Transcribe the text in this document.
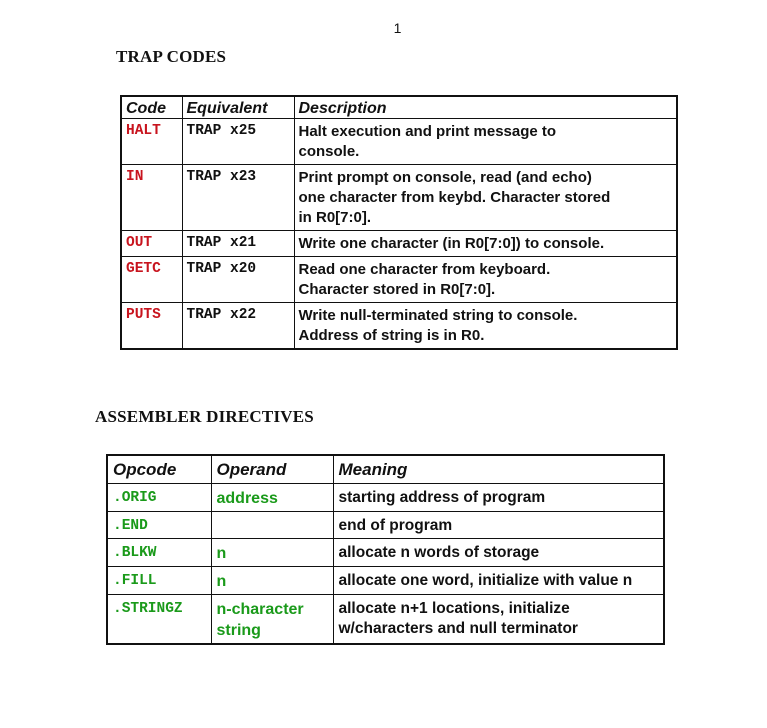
1
TRAP CODES
Code	Equivalent	Description
HALT	TRAP x25	Halt execution and print message to console.
IN	TRAP x23	Print prompt on console, read (and echo) one character from keybd. Character stored in R0[7:0].
OUT	TRAP x21	Write one character (in R0[7:0]) to console.
GETC	TRAP x20	Read one character from keyboard. Character stored in R0[7:0].
PUTS	TRAP x22	Write null-terminated string to console. Address of string is in R0.
ASSEMBLER DIRECTIVES
Opcode	Operand	Meaning
.ORIG	address	starting address of program
.END		end of program
.BLKW	n	allocate n words of storage
.FILL	n	allocate one word, initialize with value n
.STRINGZ	n-character string	allocate n+1 locations, initialize w/characters and null terminator
